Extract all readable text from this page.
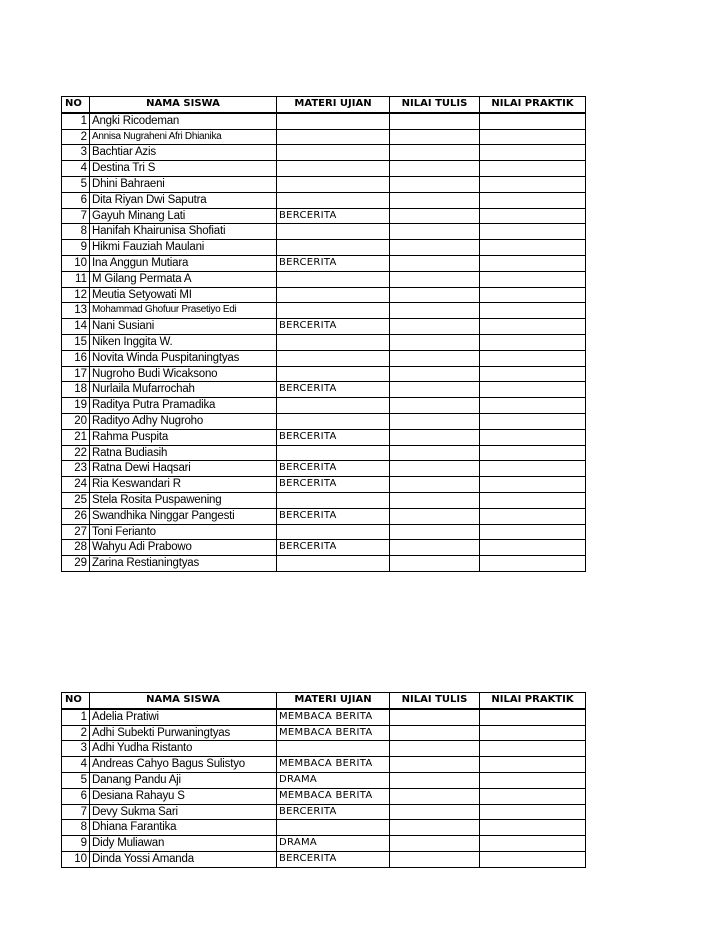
NO	NAMA SISWA	MATERI UJIAN	NILAI TULIS	NILAI PRAKTIK
1	Angki Ricodeman			
2	Annisa Nugraheni Afri Dhianika			
3	Bachtiar Azis			
4	Destina Tri S			
5	Dhini Bahraeni			
6	Dita Riyan Dwi Saputra			
7	Gayuh Minang Lati	BERCERITA		
8	Hanifah Khairunisa Shofiati			
9	Hikmi Fauziah Maulani			
10	Ina Anggun Mutiara	BERCERITA		
11	M Gilang Permata A			
12	Meutia Setyowati MI			
13	Mohammad Ghofuur Prasetiyo Edi			
14	Nani Susiani	BERCERITA		
15	Niken Inggita W.			
16	Novita Winda Puspitaningtyas			
17	Nugroho Budi Wicaksono			
18	Nurlaila Mufarrochah	BERCERITA		
19	Raditya Putra Pramadika			
20	Radityo Adhy Nugroho			
21	Rahma Puspita	BERCERITA		
22	Ratna Budiasih			
23	Ratna Dewi Haqsari	BERCERITA		
24	Ria Keswandari R	BERCERITA		
25	Stela Rosita Puspawening			
26	Swandhika Ninggar Pangesti	BERCERITA		
27	Toni Ferianto			
28	Wahyu Adi Prabowo	BERCERITA		
29	Zarina Restianingtyas			
NO	NAMA SISWA	MATERI UJIAN	NILAI TULIS	NILAI PRAKTIK
1	Adelia Pratiwi	MEMBACA BERITA		
2	Adhi Subekti Purwaningtyas	MEMBACA BERITA		
3	Adhi Yudha Ristanto			
4	Andreas Cahyo Bagus Sulistyo	MEMBACA BERITA		
5	Danang Pandu Aji	DRAMA		
6	Desiana Rahayu S	MEMBACA BERITA		
7	Devy Sukma Sari	BERCERITA		
8	Dhiana Farantika			
9	Didy Muliawan	DRAMA		
10	Dinda Yossi Amanda	BERCERITA		
